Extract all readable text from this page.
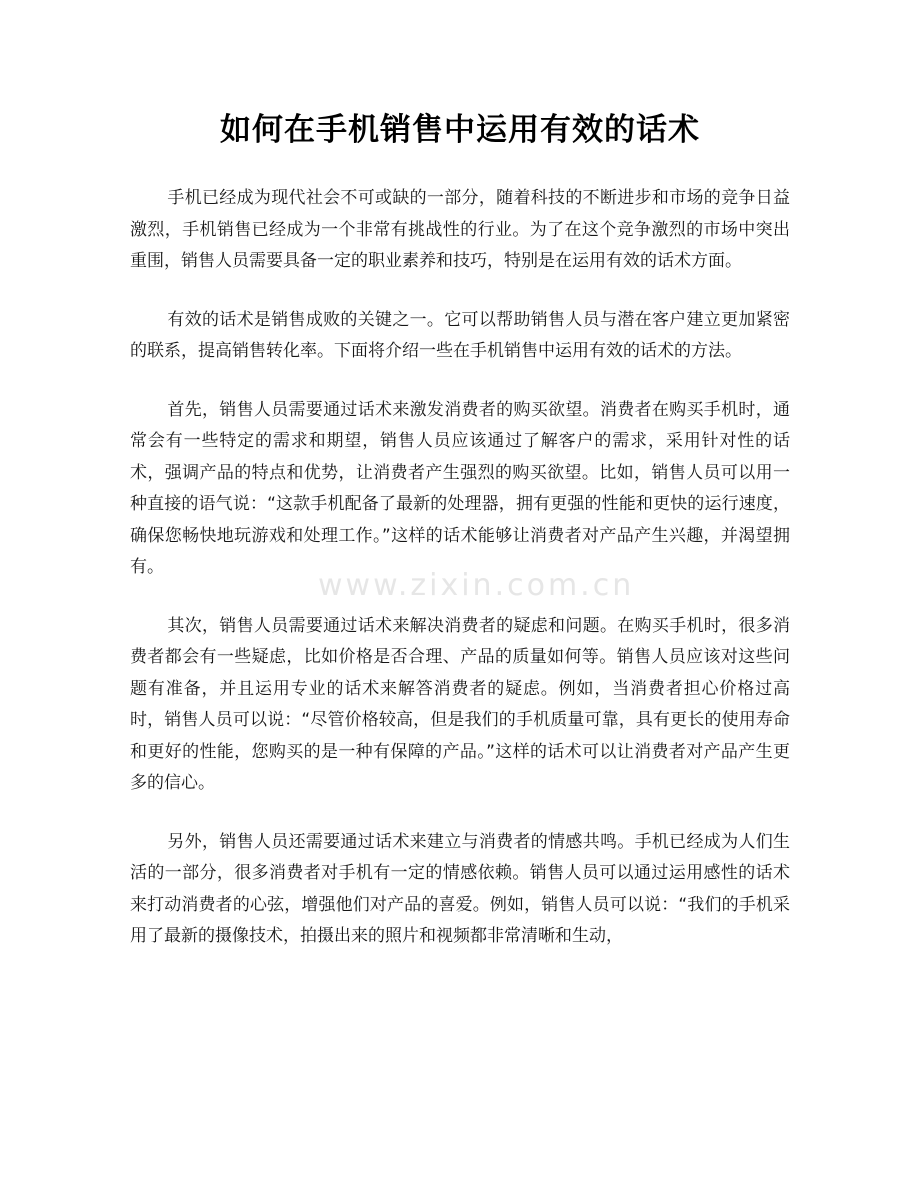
www.zixin.com.cn
如何在手机销售中运用有效的话术

手机已经成为现代社会不可或缺的一部分，随着科技的不断进步和市场的竞争日益激烈，手机销售已经成为一个非常有挑战性的行业。为了在这个竞争激烈的市场中突出重围，销售人员需要具备一定的职业素养和技巧，特别是在运用有效的话术方面。

有效的话术是销售成败的关键之一。它可以帮助销售人员与潜在客户建立更加紧密的联系，提高销售转化率。下面将介绍一些在手机销售中运用有效的话术的方法。

首先，销售人员需要通过话术来激发消费者的购买欲望。消费者在购买手机时，通常会有一些特定的需求和期望，销售人员应该通过了解客户的需求，采用针对性的话术，强调产品的特点和优势，让消费者产生强烈的购买欲望。比如，销售人员可以用一种直接的语气说：“这款手机配备了最新的处理器，拥有更强的性能和更快的运行速度，确保您畅快地玩游戏和处理工作。”这样的话术能够让消费者对产品产生兴趣，并渴望拥有。

其次，销售人员需要通过话术来解决消费者的疑虑和问题。在购买手机时，很多消费者都会有一些疑虑，比如价格是否合理、产品的质量如何等。销售人员应该对这些问题有准备，并且运用专业的话术来解答消费者的疑虑。例如，当消费者担心价格过高时，销售人员可以说：“尽管价格较高，但是我们的手机质量可靠，具有更长的使用寿命和更好的性能，您购买的是一种有保障的产品。”这样的话术可以让消费者对产品产生更多的信心。

另外，销售人员还需要通过话术来建立与消费者的情感共鸣。手机已经成为人们生活的一部分，很多消费者对手机有一定的情感依赖。销售人员可以通过运用感性的话术来打动消费者的心弦，增强他们对产品的喜爱。例如，销售人员可以说：“我们的手机采用了最新的摄像技术，拍摄出来的照片和视频都非常清晰和生动，
